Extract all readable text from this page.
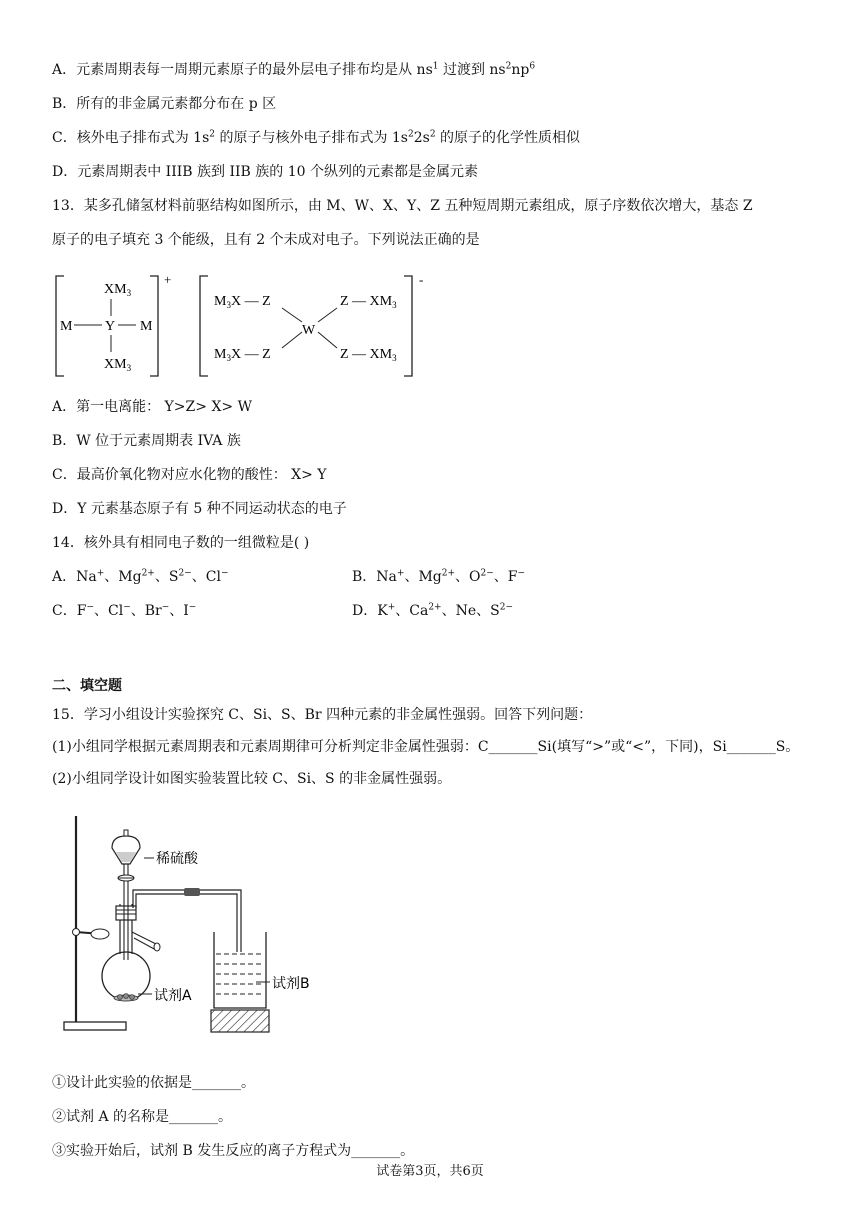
A．元素周期表每一周期元素原子的最外层电子排布均是从 $ns^1$ 过渡到 $ns^2np^6$
B．所有的非金属元素都分布在 p 区
C．核外电子排布式为 $1s^2$ 的原子与核外电子排布式为 $1s^22s^2$ 的原子的化学性质相似
D．元素周期表中 IIIB 族到 IIB 族的 10 个纵列的元素都是金属元素
13．某多孔储氢材料前驱结构如图所示，由 M、W、X、Y、Z 五种短周期元素组成，原子序数依次增大，基态 Z
原子的电子填充 3 个能级，且有 2 个未成对电子。下列说法正确的是
+
$XM_3$
M Y M
$XM_3$
-
$M_3X$ — Z	Z — $XM_3$
W
$M_3X$ — Z	Z — $XM_3$
A．第一电离能： Y>Z> X> W
B．W 位于元素周期表 IVA 族
C．最高价氧化物对应水化物的酸性： X> Y
D．Y 元素基态原子有 5 种不同运动状态的电子
14．核外具有相同电子数的一组微粒是( )
A．Na+、$Mg^{2+}$、$S^{2-}$、Cl−	B．Na+、$Mg^{2+}$、$O^{2-}$、F−
C．F−、Cl−、Br−、I−	D．K+、$Ca^{2+}$、Ne、$S^{2-}$
二、填空题
15．学习小组设计实验探究 C、Si、S、Br 四种元素的非金属性强弱。回答下列问题：
(1)小组同学根据元素周期表和元素周期律可分析判定非金属性强弱：C_______Si(填写“>”或“<”，下同)，Si_______S。
(2)小组同学设计如图实验装置比较 C、Si、S 的非金属性强弱。
稀硫酸
试剂A
试剂B
①设计此实验的依据是_______。
②试剂 A 的名称是_______。
③实验开始后，试剂 B 发生反应的离子方程式为_______。
试卷第3页，共6页
